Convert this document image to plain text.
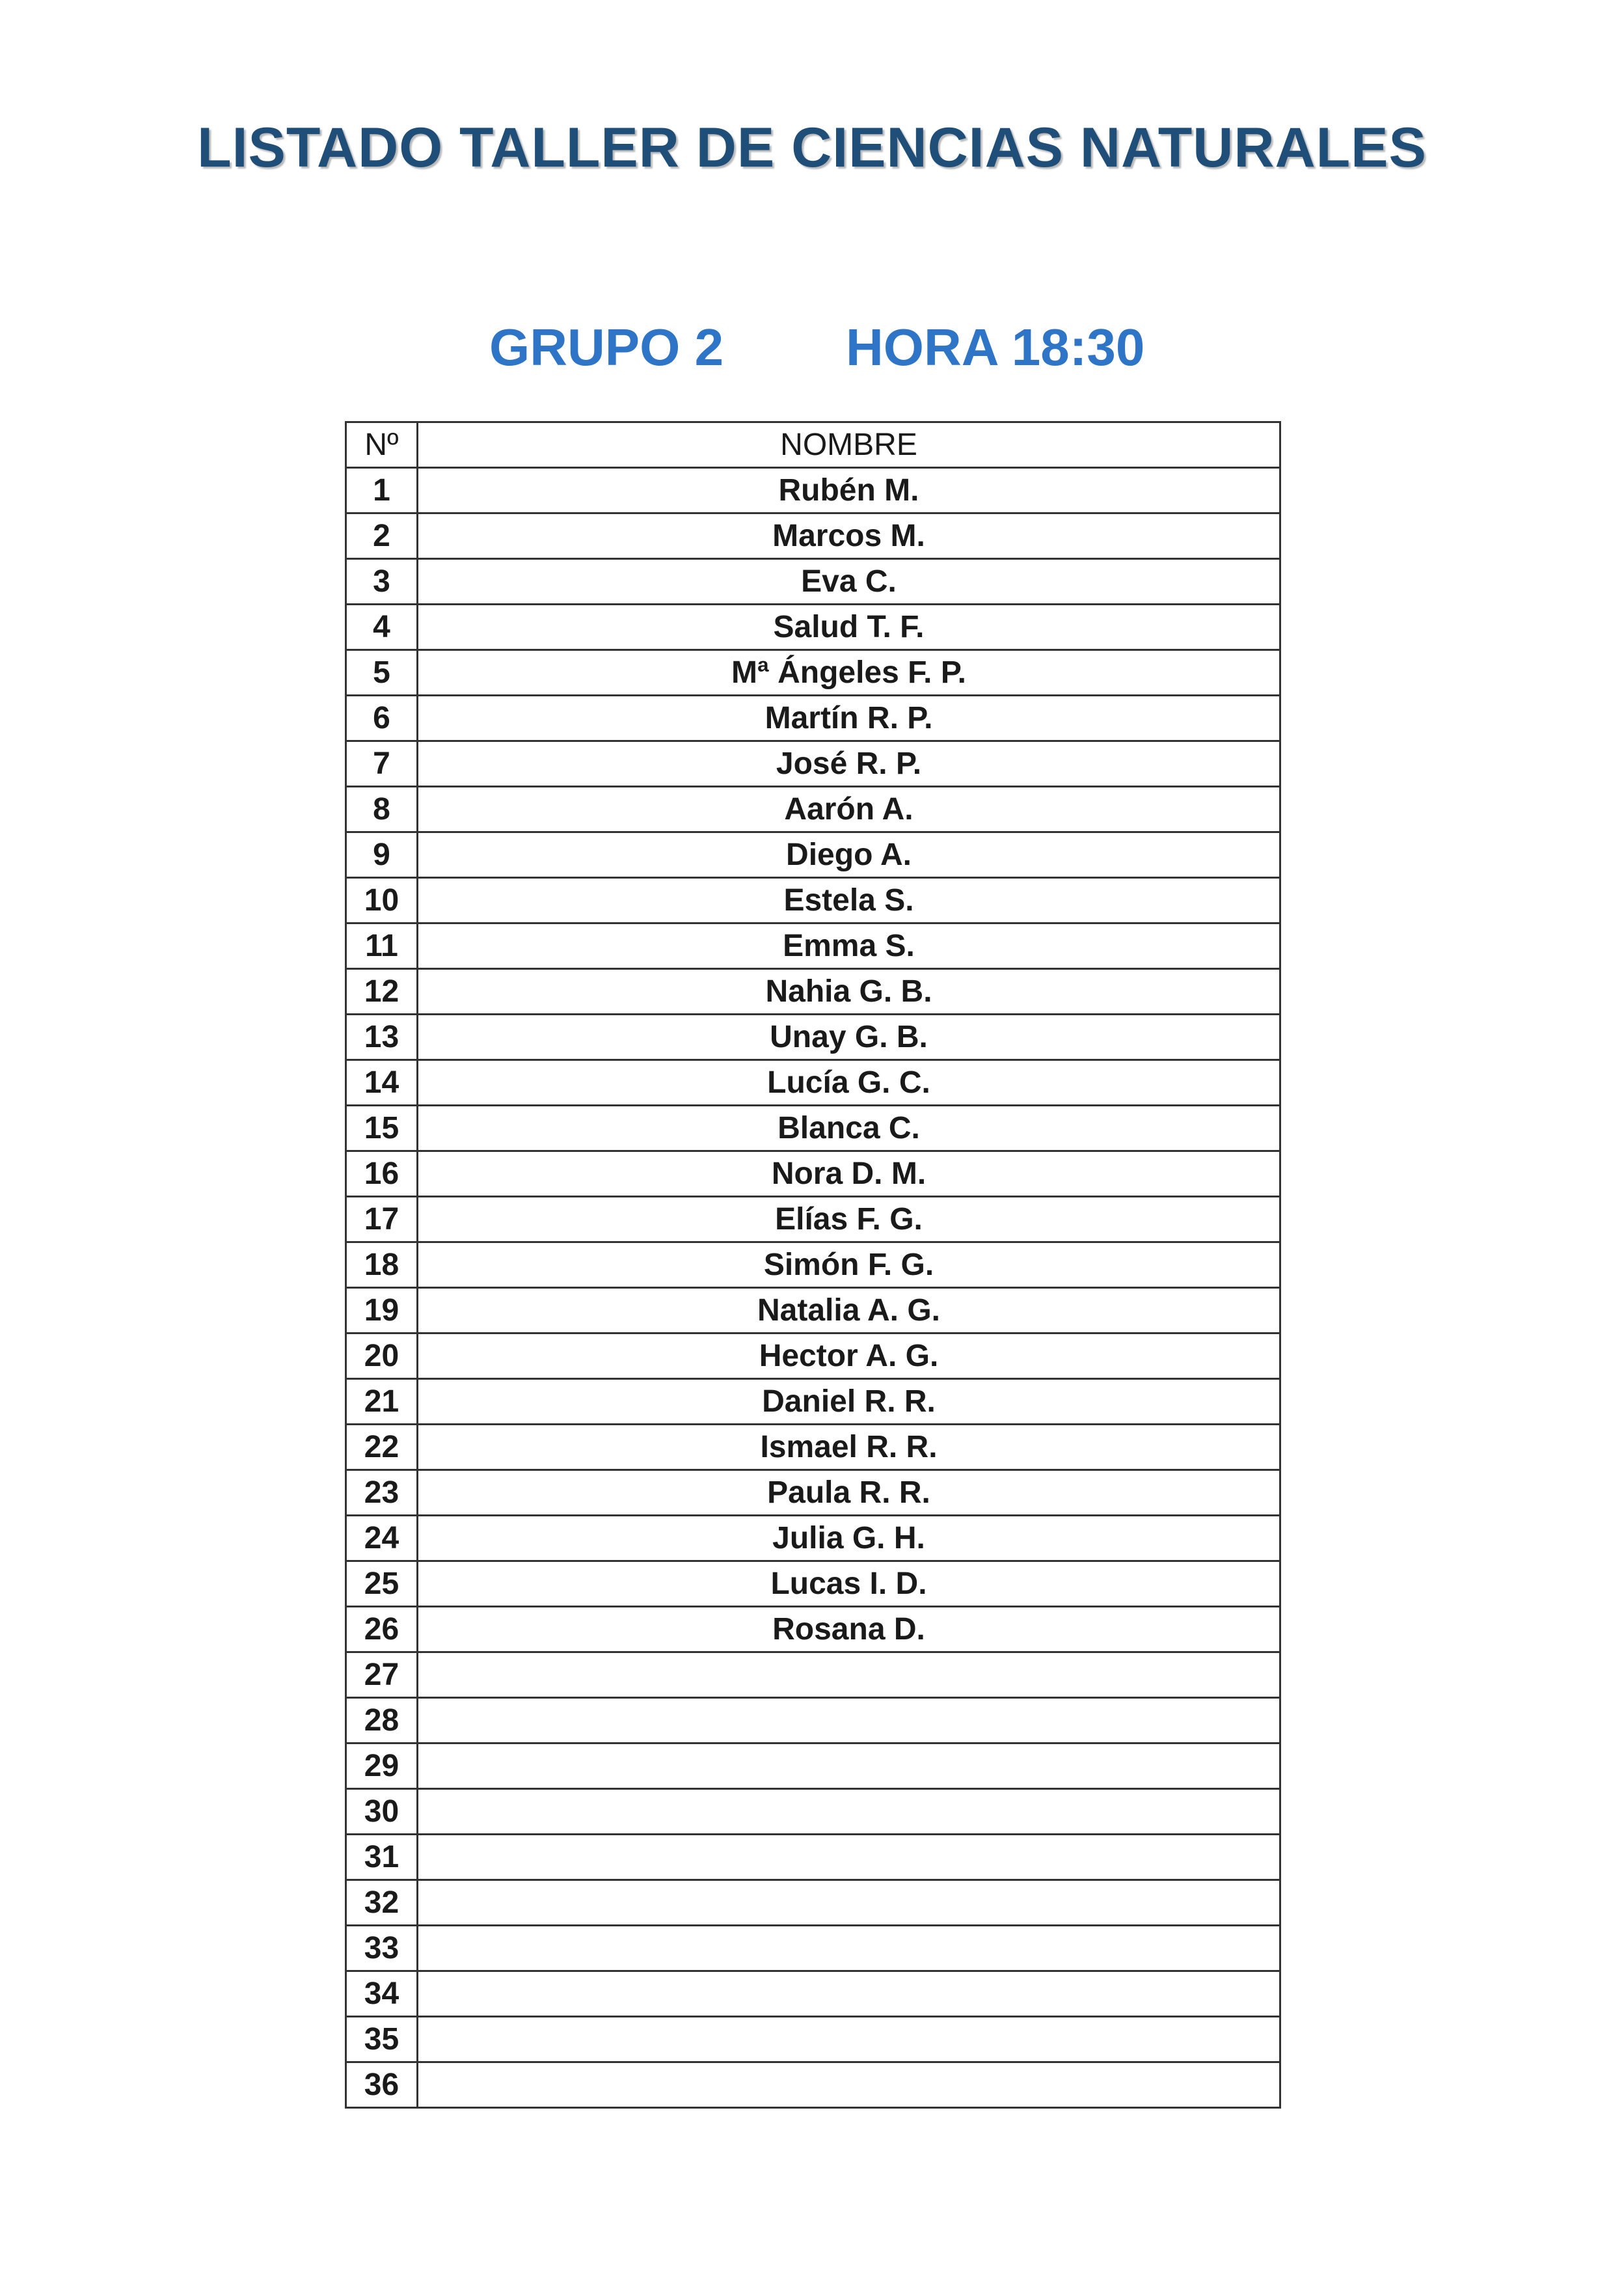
LISTADO TALLER DE CIENCIAS NATURALES
GRUPO 2 HORA 18:30
Nº	NOMBRE
1	Rubén M.
2	Marcos M.
3	Eva C.
4	Salud T. F.
5	Mª Ángeles F. P.
6	Martín R. P.
7	José R. P.
8	Aarón A.
9	Diego A.
10	Estela S.
11	Emma S.
12	Nahia G. B.
13	Unay G. B.
14	Lucía G. C.
15	Blanca C.
16	Nora D. M.
17	Elías F. G.
18	Simón F. G.
19	Natalia A. G.
20	Hector A. G.
21	Daniel R. R.
22	Ismael R. R.
23	Paula R. R.
24	Julia G. H.
25	Lucas I. D.
26	Rosana D.
27	
28	
29	
30	
31	
32	
33	
34	
35	
36	
